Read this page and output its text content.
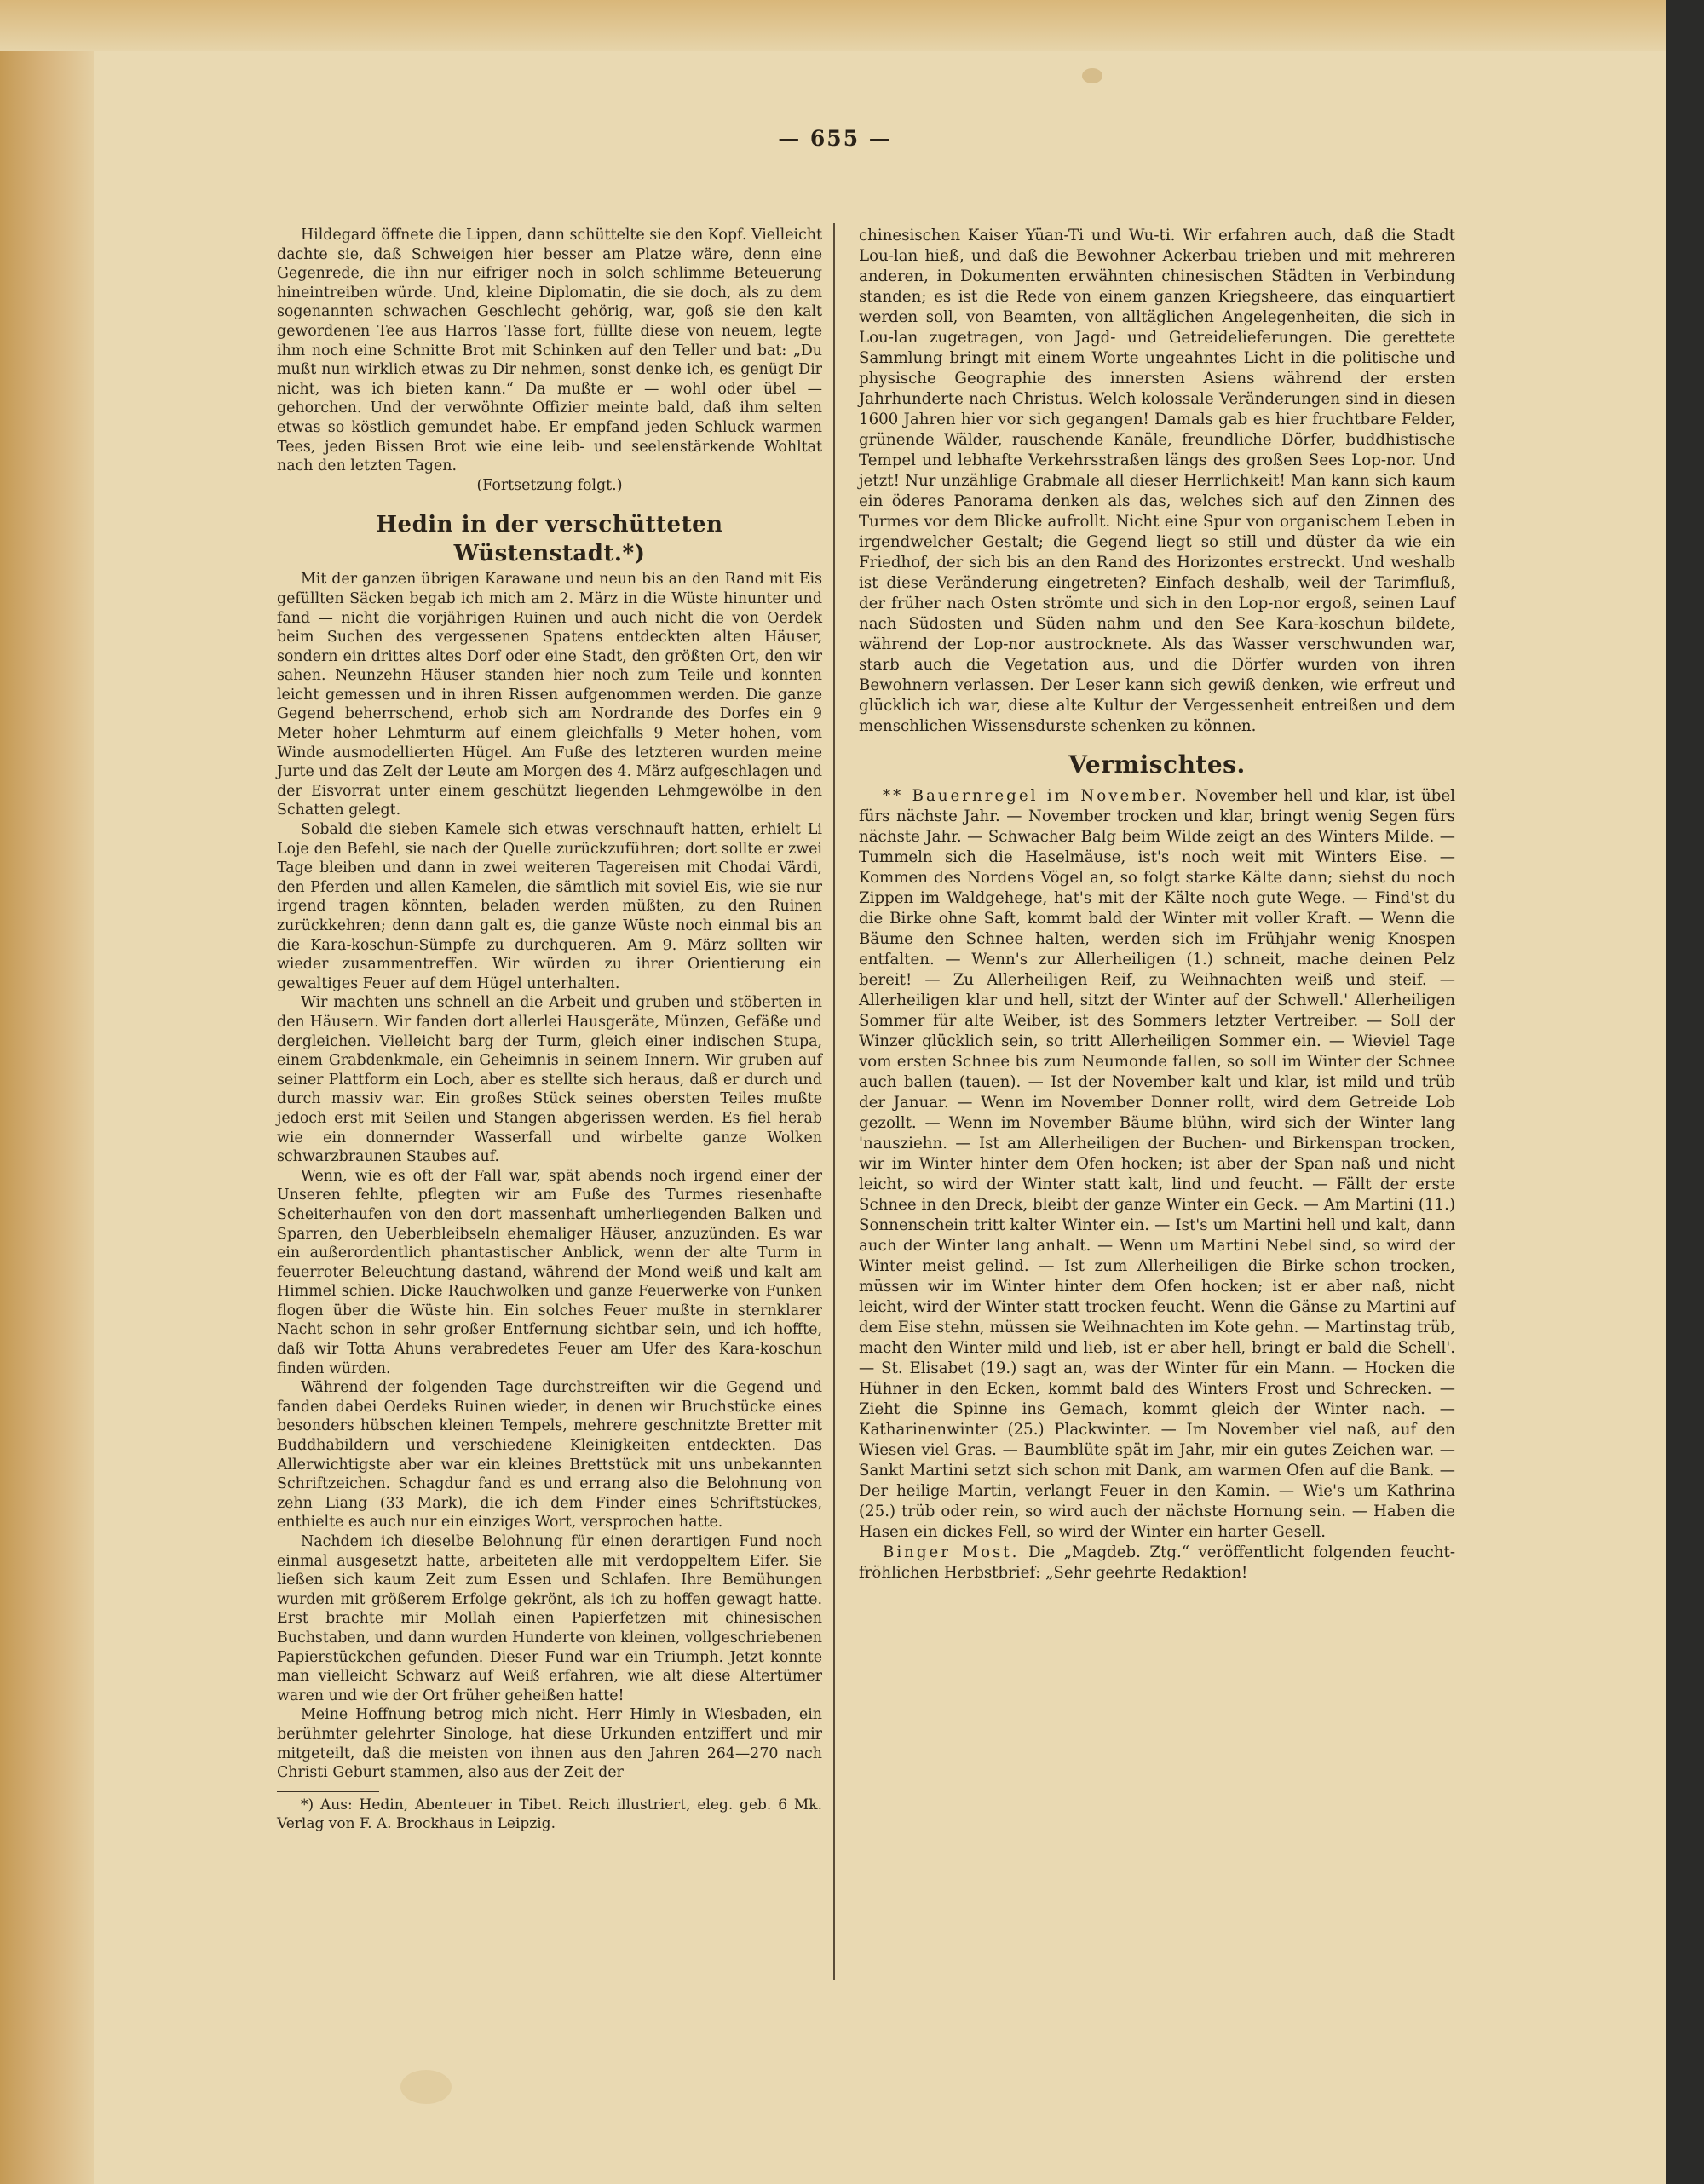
— 655 —

Hildegard öffnete die Lippen, dann schüttelte sie den Kopf. Vielleicht dachte sie, daß Schweigen hier besser am Platze wäre, denn eine Gegenrede, die ihn nur eifriger noch in solch schlimme Beteuerung hineintreiben würde. Und, kleine Diplomatin, die sie doch, als zu dem sogenannten schwachen Geschlecht gehörig, war, goß sie den kalt gewordenen Tee aus Harros Tasse fort, füllte diese von neuem, legte ihm noch eine Schnitte Brot mit Schinken auf den Teller und bat: „Du mußt nun wirklich etwas zu Dir nehmen, sonst denke ich, es genügt Dir nicht, was ich bieten kann.“ Da mußte er — wohl oder übel — gehorchen. Und der verwöhnte Offizier meinte bald, daß ihm selten etwas so köstlich gemundet habe. Er empfand jeden Schluck warmen Tees, jeden Bissen Brot wie eine leib- und seelenstärkende Wohltat nach den letzten Tagen.

(Fortsetzung folgt.)

Hedin in der verschütteten Wüstenstadt.*)

Mit der ganzen übrigen Karawane und neun bis an den Rand mit Eis gefüllten Säcken begab ich mich am 2. März in die Wüste hinunter und fand — nicht die vorjährigen Ruinen und auch nicht die von Oerdek beim Suchen des vergessenen Spatens entdeckten alten Häuser, sondern ein drittes altes Dorf oder eine Stadt, den größten Ort, den wir sahen. Neunzehn Häuser standen hier noch zum Teile und konnten leicht gemessen und in ihren Rissen aufgenommen werden. Die ganze Gegend beherrschend, erhob sich am Nordrande des Dorfes ein 9 Meter hoher Lehmturm auf einem gleichfalls 9 Meter hohen, vom Winde ausmodellierten Hügel. Am Fuße des letzteren wurden meine Jurte und das Zelt der Leute am Morgen des 4. März aufgeschlagen und der Eisvorrat unter einem geschützt liegenden Lehmgewölbe in den Schatten gelegt.

Sobald die sieben Kamele sich etwas verschnauft hatten, erhielt Li Loje den Befehl, sie nach der Quelle zurückzuführen; dort sollte er zwei Tage bleiben und dann in zwei weiteren Tagereisen mit Chodai Värdi, den Pferden und allen Kamelen, die sämtlich mit soviel Eis, wie sie nur irgend tragen könnten, beladen werden müßten, zu den Ruinen zurückkehren; denn dann galt es, die ganze Wüste noch einmal bis an die Kara-koschun-Sümpfe zu durchqueren. Am 9. März sollten wir wieder zusammentreffen. Wir würden zu ihrer Orientierung ein gewaltiges Feuer auf dem Hügel unterhalten.

Wir machten uns schnell an die Arbeit und gruben und stöberten in den Häusern. Wir fanden dort allerlei Hausgeräte, Münzen, Gefäße und dergleichen. Vielleicht barg der Turm, gleich einer indischen Stupa, einem Grabdenkmale, ein Geheimnis in seinem Innern. Wir gruben auf seiner Plattform ein Loch, aber es stellte sich heraus, daß er durch und durch massiv war. Ein großes Stück seines obersten Teiles mußte jedoch erst mit Seilen und Stangen abgerissen werden. Es fiel herab wie ein donnernder Wasserfall und wirbelte ganze Wolken schwarzbraunen Staubes auf.

Wenn, wie es oft der Fall war, spät abends noch irgend einer der Unseren fehlte, pflegten wir am Fuße des Turmes riesenhafte Scheiterhaufen von den dort massenhaft umherliegenden Balken und Sparren, den Ueberbleibseln ehemaliger Häuser, anzuzünden. Es war ein außerordentlich phantastischer Anblick, wenn der alte Turm in feuerroter Beleuchtung dastand, während der Mond weiß und kalt am Himmel schien. Dicke Rauchwolken und ganze Feuerwerke von Funken flogen über die Wüste hin. Ein solches Feuer mußte in sternklarer Nacht schon in sehr großer Entfernung sichtbar sein, und ich hoffte, daß wir Totta Ahuns verabredetes Feuer am Ufer des Kara-koschun finden würden.

Während der folgenden Tage durchstreiften wir die Gegend und fanden dabei Oerdeks Ruinen wieder, in denen wir Bruchstücke eines besonders hübschen kleinen Tempels, mehrere geschnitzte Bretter mit Buddhabildern und verschiedene Kleinigkeiten entdeckten. Das Allerwichtigste aber war ein kleines Brettstück mit uns unbekannten Schriftzeichen. Schagdur fand es und errang also die Belohnung von zehn Liang (33 Mark), die ich dem Finder eines Schriftstückes, enthielte es auch nur ein einziges Wort, versprochen hatte.

Nachdem ich dieselbe Belohnung für einen derartigen Fund noch einmal ausgesetzt hatte, arbeiteten alle mit verdoppeltem Eifer. Sie ließen sich kaum Zeit zum Essen und Schlafen. Ihre Bemühungen wurden mit größerem Erfolge gekrönt, als ich zu hoffen gewagt hatte. Erst brachte mir Mollah einen Papierfetzen mit chinesischen Buchstaben, und dann wurden Hunderte von kleinen, vollgeschriebenen Papierstückchen gefunden. Dieser Fund war ein Triumph. Jetzt konnte man vielleicht Schwarz auf Weiß erfahren, wie alt diese Altertümer waren und wie der Ort früher geheißen hatte!

Meine Hoffnung betrog mich nicht. Herr Himly in Wiesbaden, ein berühmter gelehrter Sinologe, hat diese Urkunden entziffert und mir mitgeteilt, daß die meisten von ihnen aus den Jahren 264—270 nach Christi Geburt stammen, also aus der Zeit der

*) Aus: Hedin, Abenteuer in Tibet. Reich illustriert, eleg. geb. 6 Mk. Verlag von F. A. Brockhaus in Leipzig.

chinesischen Kaiser Yüan-Ti und Wu-ti. Wir erfahren auch, daß die Stadt Lou-lan hieß, und daß die Bewohner Ackerbau trieben und mit mehreren anderen, in Dokumenten erwähnten chinesischen Städten in Verbindung standen; es ist die Rede von einem ganzen Kriegsheere, das einquartiert werden soll, von Beamten, von alltäglichen Angelegenheiten, die sich in Lou-lan zugetragen, von Jagd- und Getreidelieferungen. Die gerettete Sammlung bringt mit einem Worte ungeahntes Licht in die politische und physische Geographie des innersten Asiens während der ersten Jahrhunderte nach Christus. Welch kolossale Veränderungen sind in diesen 1600 Jahren hier vor sich gegangen! Damals gab es hier fruchtbare Felder, grünende Wälder, rauschende Kanäle, freundliche Dörfer, buddhistische Tempel und lebhafte Verkehrsstraßen längs des großen Sees Lop-nor. Und jetzt! Nur unzählige Grabmale all dieser Herrlichkeit! Man kann sich kaum ein öderes Panorama denken als das, welches sich auf den Zinnen des Turmes vor dem Blicke aufrollt. Nicht eine Spur von organischem Leben in irgendwelcher Gestalt; die Gegend liegt so still und düster da wie ein Friedhof, der sich bis an den Rand des Horizontes erstreckt. Und weshalb ist diese Veränderung eingetreten? Einfach deshalb, weil der Tarimfluß, der früher nach Osten strömte und sich in den Lop-nor ergoß, seinen Lauf nach Südosten und Süden nahm und den See Kara-koschun bildete, während der Lop-nor austrocknete. Als das Wasser verschwunden war, starb auch die Vegetation aus, und die Dörfer wurden von ihren Bewohnern verlassen. Der Leser kann sich gewiß denken, wie erfreut und glücklich ich war, diese alte Kultur der Vergessenheit entreißen und dem menschlichen Wissensdurste schenken zu können.

Vermischtes.

** Bauernregel im November. November hell und klar, ist übel fürs nächste Jahr. — November trocken und klar, bringt wenig Segen fürs nächste Jahr. — Schwacher Balg beim Wilde zeigt an des Winters Milde. — Tummeln sich die Haselmäuse, ist's noch weit mit Winters Eise. — Kommen des Nordens Vögel an, so folgt starke Kälte dann; siehst du noch Zippen im Waldgehege, hat's mit der Kälte noch gute Wege. — Find'st du die Birke ohne Saft, kommt bald der Winter mit voller Kraft. — Wenn die Bäume den Schnee halten, werden sich im Frühjahr wenig Knospen entfalten. — Wenn's zur Allerheiligen (1.) schneit, mache deinen Pelz bereit! — Zu Allerheiligen Reif, zu Weihnachten weiß und steif. — Allerheiligen klar und hell, sitzt der Winter auf der Schwell.' Allerheiligen Sommer für alte Weiber, ist des Sommers letzter Vertreiber. — Soll der Winzer glücklich sein, so tritt Allerheiligen Sommer ein. — Wieviel Tage vom ersten Schnee bis zum Neumonde fallen, so soll im Winter der Schnee auch ballen (tauen). — Ist der November kalt und klar, ist mild und trüb der Januar. — Wenn im November Donner rollt, wird dem Getreide Lob gezollt. — Wenn im November Bäume blühn, wird sich der Winter lang 'nausziehn. — Ist am Allerheiligen der Buchen- und Birkenspan trocken, wir im Winter hinter dem Ofen hocken; ist aber der Span naß und nicht leicht, so wird der Winter statt kalt, lind und feucht. — Fällt der erste Schnee in den Dreck, bleibt der ganze Winter ein Geck. — Am Martini (11.) Sonnenschein tritt kalter Winter ein. — Ist's um Martini hell und kalt, dann auch der Winter lang anhalt. — Wenn um Martini Nebel sind, so wird der Winter meist gelind. — Ist zum Allerheiligen die Birke schon trocken, müssen wir im Winter hinter dem Ofen hocken; ist er aber naß, nicht leicht, wird der Winter statt trocken feucht. Wenn die Gänse zu Martini auf dem Eise stehn, müssen sie Weihnachten im Kote gehn. — Martinstag trüb, macht den Winter mild und lieb, ist er aber hell, bringt er bald die Schell'. — St. Elisabet (19.) sagt an, was der Winter für ein Mann. — Hocken die Hühner in den Ecken, kommt bald des Winters Frost und Schrecken. — Zieht die Spinne ins Gemach, kommt gleich der Winter nach. — Katharinenwinter (25.) Plackwinter. — Im November viel naß, auf den Wiesen viel Gras. — Baumblüte spät im Jahr, mir ein gutes Zeichen war. — Sankt Martini setzt sich schon mit Dank, am warmen Ofen auf die Bank. — Der heilige Martin, verlangt Feuer in den Kamin. — Wie's um Kathrina (25.) trüb oder rein, so wird auch der nächste Hornung sein. — Haben die Hasen ein dickes Fell, so wird der Winter ein harter Gesell.

Binger Most. Die „Magdeb. Ztg.“ veröffentlicht folgenden feucht-fröhlichen Herbstbrief: „Sehr geehrte Redaktion!
